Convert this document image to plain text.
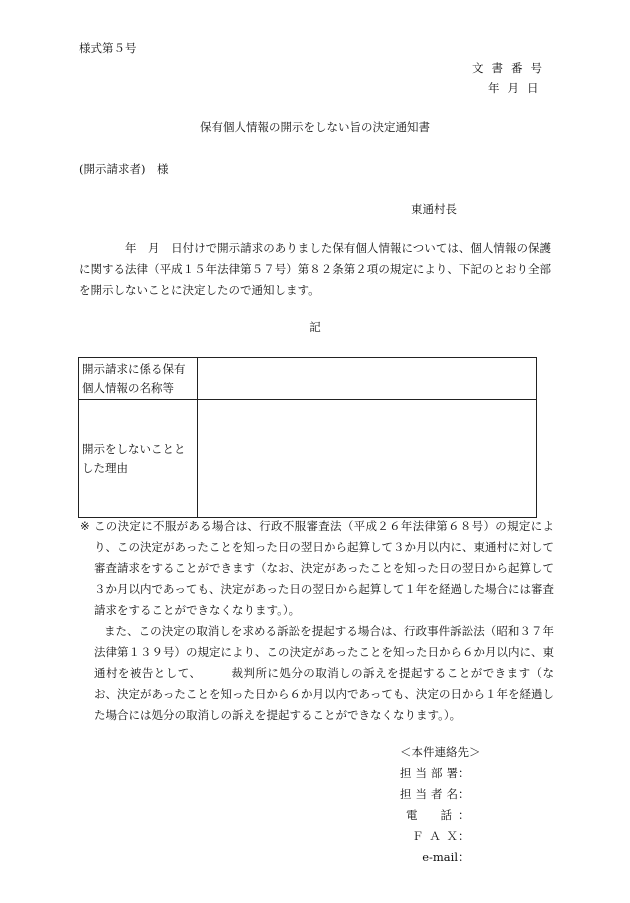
様式第５号
文書番号
年月日
保有個人情報の開示をしない旨の決定通知書
(開示請求者)　様
東通村長
年　月　日付けで開示請求のありました保有個人情報については、個人情報の保護に関する法律（平成１５年法律第５７号）第８２条第２項の規定により、下記のとおり全部を開示しないことに決定したので通知します。
記
開示請求に係る保有個人情報の名称等	
開示をしないこととした理由	
※ この決定に不服がある場合は、行政不服審査法（平成２６年法律第６８号）の規定により、この決定があったことを知った日の翌日から起算して３か月以内に、東通村に対して審査請求をすることができます（なお、決定があったことを知った日の翌日から起算して３か月以内であっても、決定があった日の翌日から起算して１年を経過した場合には審査請求をすることができなくなります。）。

また、この決定の取消しを求める訴訟を提起する場合は、行政事件訴訟法（昭和３７年法律第１３９号）の規定により、この決定があったことを知った日から６か月以内に、東通村を被告として、　　　裁判所に処分の取消しの訴えを提起することができます（なお、決定があったことを知った日から６か月以内であっても、決定の日から１年を経過した場合には処分の取消しの訴えを提起することができなくなります。）。

＜本件連絡先＞
担当部署 ：
担当者名 ：
電話 ：
ＦＡＸ ：
e-mail ：
